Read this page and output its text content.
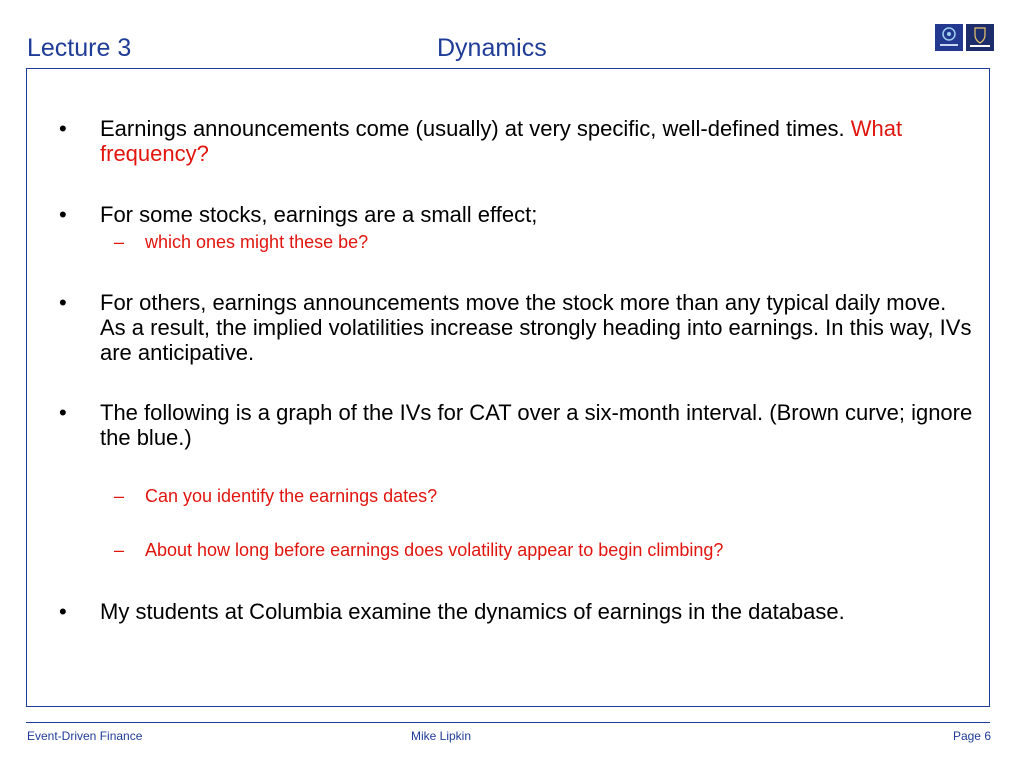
Lecture 3	Dynamics
• Earnings announcements come (usually) at very specific, well-defined times. What frequency?
• For some stocks, earnings are a small effect;
– which ones might these be?
• For others, earnings announcements move the stock more than any typical daily move. As a result, the implied volatilities increase strongly heading into earnings. In this way, IVs are anticipative.
• The following is a graph of the IVs for CAT over a six-month interval. (Brown curve; ignore the blue.)
– Can you identify the earnings dates?
– About how long before earnings does volatility appear to begin climbing?
• My students at Columbia examine the dynamics of earnings in the database.
Event-Driven Finance	Mike Lipkin	Page 6
